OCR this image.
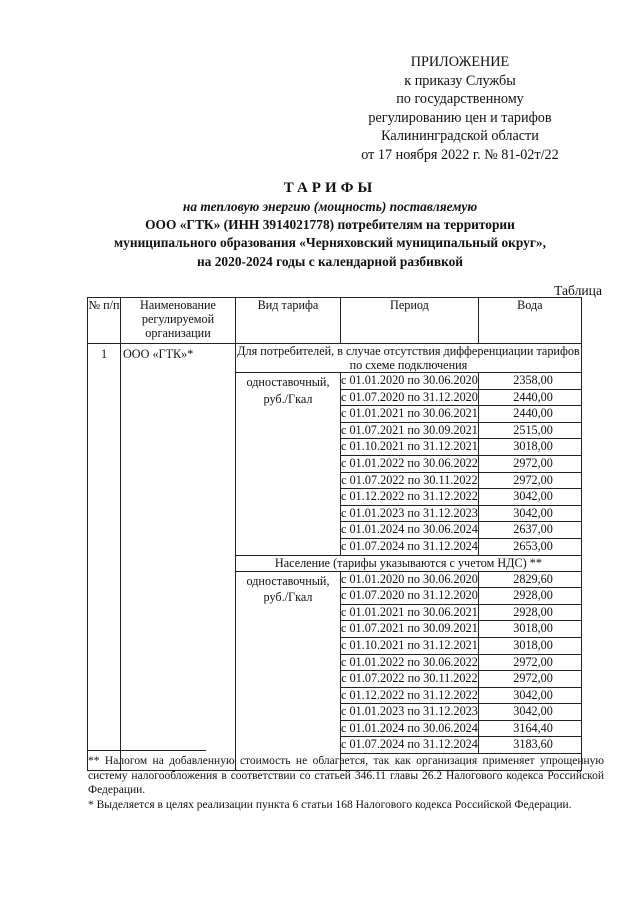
ПРИЛОЖЕНИЕ
к приказу Службы
по государственному
регулированию цен и тарифов
Калининградской области
от 17 ноября 2022 г. № 81-02т/22
ТАРИФЫ
на тепловую энергию (мощность) поставляемую
ООО «ГТК» (ИНН 3914021778) потребителям на территории
муниципального образования «Черняховский муниципальный округ»,
на 2020-2024 годы с календарной разбивкой
Таблица
№ п/п	Наименование регулируемой организации	Вид тарифа	Период	Вода
1	ООО «ГТК»*	Для потребителей, в случае отсутствия дифференциации тарифов по схеме подключения		
		одноставочный, руб./Гкал	с 01.01.2020 по 30.06.2020	2358,00
			с 01.07.2020 по 31.12.2020	2440,00
			с 01.01.2021 по 30.06.2021	2440,00
			с 01.07.2021 по 30.09.2021	2515,00
			с 01.10.2021 по 31.12.2021	3018,00
			с 01.01.2022 по 30.06.2022	2972,00
			с 01.07.2022 по 30.11.2022	2972,00
			с 01.12.2022 по 31.12.2022	3042,00
			с 01.01.2023 по 31.12.2023	3042,00
			с 01.01.2024 по 30.06.2024	2637,00
			с 01.07.2024 по 31.12.2024	2653,00
		Население (тарифы указываются с учетом НДС) **		
		одноставочный, руб./Гкал	с 01.01.2020 по 30.06.2020	2829,60
			с 01.07.2020 по 31.12.2020	2928,00
			с 01.01.2021 по 30.06.2021	2928,00
			с 01.07.2021 по 30.09.2021	3018,00
			с 01.10.2021 по 31.12.2021	3018,00
			с 01.01.2022 по 30.06.2022	2972,00
			с 01.07.2022 по 30.11.2022	2972,00
			с 01.12.2022 по 31.12.2022	3042,00
			с 01.01.2023 по 31.12.2023	3042,00
			с 01.01.2024 по 30.06.2024	3164,40
			с 01.07.2024 по 31.12.2024	3183,60

** Налогом на добавленную стоимость не облагается, так как организация применяет упрощенную систему налогообложения в соответствии со статьей 346.11 главы 26.2 Налогового кодекса Российской Федерации.

* Выделяется в целях реализации пункта 6 статьи 168 Налогового кодекса Российской Федерации.
